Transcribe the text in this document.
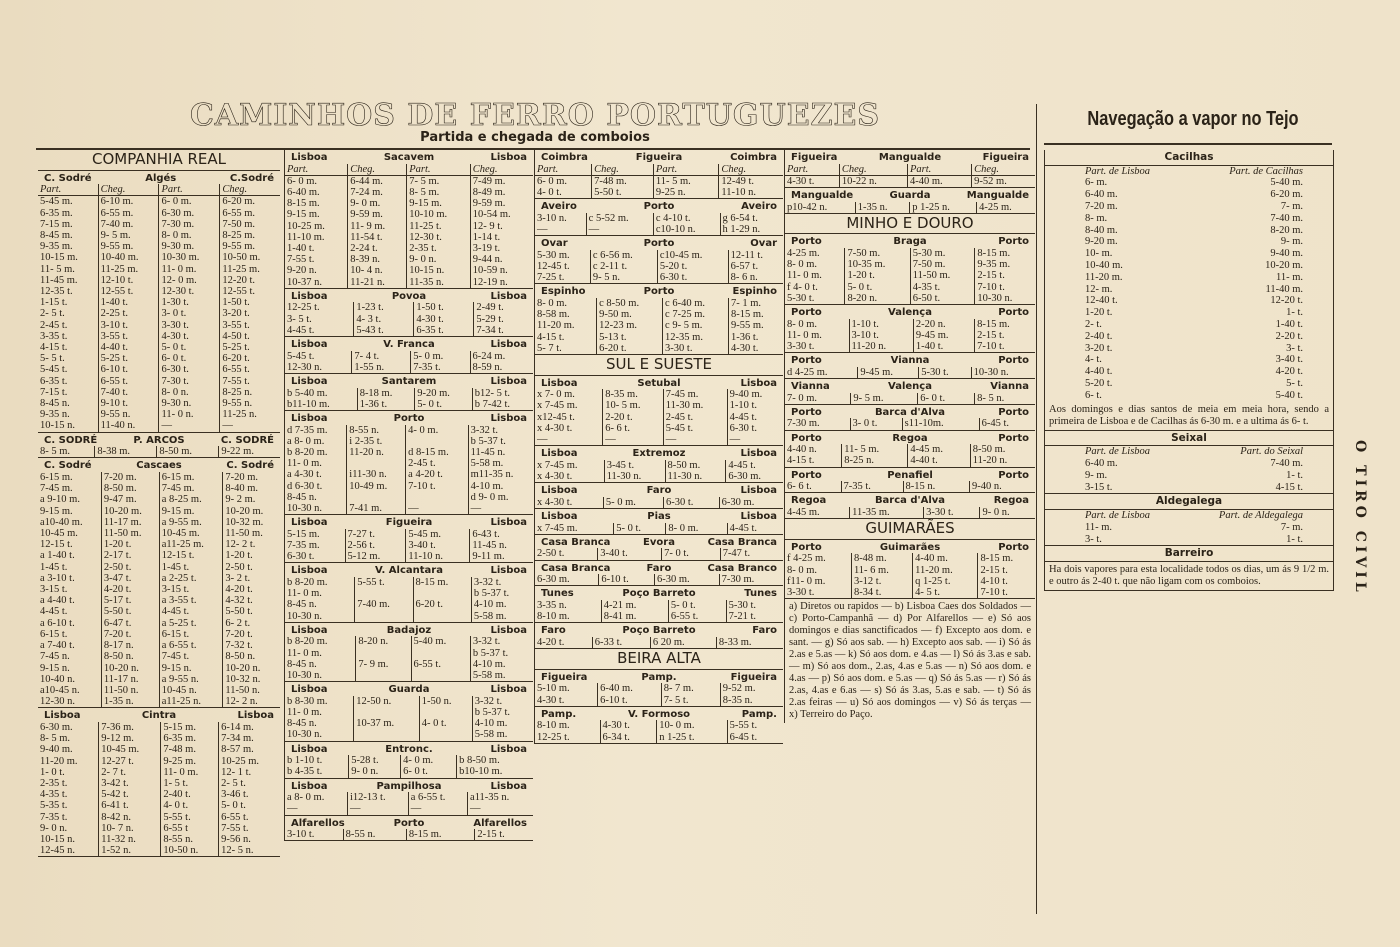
CAMINHOS DE FERRO PORTUGUEZES
Partida e chegada de comboios
COMPANHIA REAL
C. Sodré	Algés	C.Sodré
Part.	Cheg.	Part.	Cheg.
5-45 m.	6-10 m.	6- 0 m.	6-20 m.
6-35 m.	6-55 m.	6-30 m.	6-55 m.
7-15 m.	7-40 m.	7-30 m.	7-50 m.
8-45 m.	9- 5 m.	8- 0 m.	8-25 m.
9-35 m.	9-55 m.	9-30 m.	9-55 m.
10-15 m.	10-40 m.	10-30 m.	10-50 m.
11- 5 m.	11-25 m.	11- 0 m.	11-25 m.
11-45 m.	12-10 t.	12- 0 m.	12-20 t.
12-35 t.	12-55 t.	12-30 t.	12-55 t.
1-15 t.	1-40 t.	1-30 t.	1-50 t.
2- 5 t.	2-25 t.	3- 0 t.	3-20 t.
2-45 t.	3-10 t.	3-30 t.	3-55 t.
3-35 t.	3-55 t.	4-30 t.	4-50 t.
4-15 t.	4-40 t.	5- 0 t.	5-25 t.
5- 5 t.	5-25 t.	6- 0 t.	6-20 t.
5-45 t.	6-10 t.	6-30 t.	6-55 t.
6-35 t.	6-55 t.	7-30 t.	7-55 t.
7-15 t.	7-40 t.	8- 0 n.	8-25 n.
8-45 n.	9-10 t.	9-30 n.	9-55 n.
9-35 n.	9-55 n.	11- 0 n.	11-25 n.
10-15 n.	11-40 n.	—	—
C. SODRÉ	P. ARCOS	C. SODRÉ
8- 5 m.	8-38 m.	8-50 m.	9-22 m.
C. Sodré	Cascaes	C. Sodré
6-15 m.	7-20 m.	6-15 m.	7-20 m.
7-45 m.	8-50 m.	7-45 m.	8-40 m.
a 9-10 m.	9-47 m.	a 8-25 m.	9- 2 m.
9-15 m.	10-20 m.	9-15 m.	10-20 m.
a10-40 m.	11-17 m.	a 9-55 m.	10-32 m.
10-45 m.	11-50 m.	10-45 m.	11-50 m.
12-15 t.	1-20 t.	a11-25 m.	12- 2 t.
a 1-40 t.	2-17 t.	12-15 t.	1-20 t.
1-45 t.	2-50 t.	1-45 t.	2-50 t.
a 3-10 t.	3-47 t.	a 2-25 t.	3- 2 t.
3-15 t.	4-20 t.	3-15 t.	4-20 t.
a 4-40 t.	5-17 t.	a 3-55 t.	4-32 t.
4-45 t.	5-50 t.	4-45 t.	5-50 t.
a 6-10 t.	6-47 t.	a 5-25 t.	6- 2 t.
6-15 t.	7-20 t.	6-15 t.	7-20 t.
a 7-40 t.	8-17 n.	a 6-55 t.	7-32 t.
7-45 n.	8-50 n.	7-45 t.	8-50 n.
9-15 n.	10-20 n.	9-15 n.	10-20 n.
10-40 n.	11-17 n.	a 9-55 n.	10-32 n.
a10-45 n.	11-50 n.	10-45 n.	11-50 n.
12-30 n.	1-35 n.	a11-25 n.	12- 2 n.
Lisboa	Cintra	Lisboa
6-30 m.	7-36 m.	5-15 m.	6-14 m.
8- 5 m.	9-12 m.	6-35 m.	7-34 m.
9-40 m.	10-45 m.	7-48 m.	8-57 m.
11-20 m.	12-27 t.	9-25 m.	10-25 m.
1- 0 t.	2- 7 t.	11- 0 m.	12- 1 t.
2-35 t.	3-42 t.	1- 5 t.	2- 5 t.
4-35 t.	5-42 t.	2-40 t.	3-46 t.
5-35 t.	6-41 t.	4- 0 t.	5- 0 t.
7-35 t.	8-42 n.	5-55 t.	6-55 t.
9- 0 n.	10- 7 n.	6-55 t	7-55 t.
10-15 n.	11-32 n.	8-55 n.	9-56 n.
12-45 n.	1-52 n.	10-50 n.	12- 5 n.
Lisboa	Sacavem	Lisboa
Part.	Cheg.	Part.	Cheg.
6- 0 m.	6-44 m.	7- 5 m.	7-49 m.
6-40 m.	7-24 m.	8- 5 m.	8-49 m.
8-15 m.	9- 0 m.	9-15 m.	9-59 m.
9-15 m.	9-59 m.	10-10 m.	10-54 m.
10-25 m.	11- 9 m.	11-25 t.	12- 9 t.
11-10 m.	11-54 t.	12-30 t.	1-14 t.
1-40 t.	2-24 t.	2-35 t.	3-19 t.
7-55 t.	8-39 n.	9- 0 n.	9-44 n.
9-20 n.	10- 4 n.	10-15 n.	10-59 n.
10-37 n.	11-21 n.	11-35 n.	12-19 n.
Lisboa	Povoa	Lisboa
12-25 t.	1-23 t.	1-50 t.	2-49 t.
3- 5 t.	4- 3 t.	4-30 t.	5-29 t.
4-45 t.	5-43 t.	6-35 t.	7-34 t.
Lisboa	V. Franca	Lisboa
5-45 t.	7- 4 t.	5- 0 m.	6-24 m.
12-30 n.	1-55 n.	7-35 t.	8-59 n.
Lisboa	Santarem	Lisboa
b 5-40 m.	8-18 m.	9-20 m.	b12- 5 t.
b11-10 m.	1-36 t.	5- 0 t.	b 7-42 t.
Lisboa	Porto	Lisboa
d 7-35 m.	8-55 n.	4- 0 m.	3-32 t.
a 8- 0 m.	i 2-35 t.		b 5-37 t.
b 8-20 m.	11-20 n.	d 8-15 m.	11-45 n.
11- 0 m.		2-45 t.	5-58 m.
a 4-30 t.	i11-30 n.	a 4-20 t.	m11-35 n.
d 6-30 t.	10-49 m.	7-10 t.	4-10 m.
8-45 n.			d 9- 0 m.
10-30 n.	7-41 m.	—	—
Lisboa	Figueira	Lisboa
5-15 m.	7-27 t.	5-45 m.	6-43 t.
7-35 m.	2-56 t.	3-40 t.	11-45 n.
6-30 t.	5-12 m.	11-10 n.	9-11 m.
Lisboa	V. Alcantara	Lisboa
b 8-20 m.	5-55 t.	8-15 m.	3-32 t.
11- 0 m.			b 5-37 t.
8-45 n.	7-40 m.	6-20 t.	4-10 m.
10-30 n.			5-58 m.
Lisboa	Badajoz	Lisboa
b 8-20 m.	8-20 n.	5-40 m.	3-32 t.
11- 0 m.			b 5-37 t.
8-45 n.	7- 9 m.	6-55 t.	4-10 m.
10-30 n.			5-58 m.
Lisboa	Guarda	Lisboa
b 8-30 m.	12-50 n.	1-50 n.	3-32 t.
11- 0 m.			b 5-37 t.
8-45 n.	10-37 m.	4- 0 t.	4-10 m.
10-30 n.			5-58 m.
Lisboa	Entronc.	Lisboa
b 1-10 t.	5-28 t.	4- 0 m.	b 8-50 m.
b 4-35 t.	9- 0 n.	6- 0 t.	b10-10 m.
Lisboa	Pampilhosa	Lisboa
a 8- 0 m.	i12-13 t.	a 6-55 t.	a11-35 n.
—	—	—	—
Alfarellos	Porto	Alfarellos
3-10 t.	8-55 n.	8-15 m.	2-15 t.
Coimbra	Figueira	Coimbra
Part.	Cheg.	Part.	Cheg.
6- 0 m.	7-48 m.	11- 5 m.	12-49 t.
4- 0 t.	5-50 t.	9-25 n.	11-10 n.
Aveiro	Porto	Aveiro
3-10 n.	c 5-52 m.	c 4-10 t.	g 6-54 t.
—	—	c10-10 n.	h 1-29 n.
Ovar	Porto	Ovar
5-30 m.	c 6-56 m.	c10-45 m.	12-11 t.
12-45 t.	c 2-11 t.	5-20 t.	6-57 t.
7-25 t.	9- 5 n.	6-30 t.	8- 6 n.
Espinho	Porto	Espinho
8- 0 m.	c 8-50 m.	c 6-40 m.	7- 1 m.
8-58 m.	9-50 m.	c 7-25 m.	8-15 m.
11-20 m.	12-23 m.	c 9- 5 m.	9-55 m.
4-15 t.	5-13 t.	12-35 m.	1-36 t.
5- 7 t.	6-20 t.	3-30 t.	4-30 t.
SUL E SUESTE
Lisboa	Setubal	Lisboa
x 7- 0 m.	8-35 m.	7-45 m.	9-40 m.
x 7-45 m.	10- 5 m.	11-30 m.	1-10 t.
x12-45 t.	2-20 t.	2-45 t.	4-45 t.
x 4-30 t.	6- 6 t.	5-45 t.	6-30 t.
—	—	—	—
Lisboa	Extremoz	Lisboa
x 7-45 m.	3-45 t.	8-50 m.	4-45 t.
x 4-30 t.	11-30 n.	11-30 n.	6-30 m.
Lisboa	Faro	Lisboa
x 4-30 t.	5- 0 m.	6-30 t.	6-30 m.
Lisboa	Pias	Lisboa
x 7-45 m.	5- 0 t.	8- 0 m.	4-45 t.
Casa Branca	Evora	Casa Branca
2-50 t.	3-40 t.	7- 0 t.	7-47 t.
Casa Branca	Faro	Casa Branco
6-30 m.	6-10 t.	6-30 m.	7-30 m.
Tunes	Poço Barreto	Tunes
3-35 n.	4-21 m.	5- 0 t.	5-30 t.
8-10 m.	8-41 m.	6-55 t.	7-21 t.
Faro	Poço Barreto	Faro
4-20 t.	6-33 t.	6 20 m.	8-33 m.
BEIRA ALTA
Figueira	Pamp.	Figueira
5-10 m.	6-40 m.	8- 7 m.	9-52 m.
4-30 t.	6-10 t.	7- 5 t.	8-35 n.
Pamp.	V. Formoso	Pamp.
8-10 m.	4-30 t.	10- 0 m.	5-55 t.
12-25 t.	6-34 t.	n 1-25 t.	6-45 t.
Figueira	Mangualde	Figueira
Part.	Cheg.	Part.	Cheg.
4-30 t.	10-22 n.	4-40 m.	9-52 m.
Mangualde	Guarda	Mangualde
p10-42 n.	1-35 n.	p 1-25 n.	4-25 m.
MINHO E DOURO
Porto	Braga	Porto
4-25 m.	7-50 m.	5-30 m.	8-15 m.
8- 0 m.	10-35 m.	7-50 m.	9-35 m.
11- 0 m.	1-20 t.	11-50 m.	2-15 t.
f 4- 0 t.	5- 0 t.	4-35 t.	7-10 t.
5-30 t.	8-20 n.	6-50 t.	10-30 n.
Porto	Valença	Porto
8- 0 m.	1-10 t.	2-20 n.	8-15 m.
11- 0 m.	3-10 t.	9-45 m.	2-15 t.
3-30 t.	11-20 n.	1-40 t.	7-10 t.
Porto	Vianna	Porto
d 4-25 m.	9-45 m.	5-30 t.	10-30 n.
Vianna	Valença	Vianna
7- 0 m.	9- 5 m.	6- 0 t.	8- 5 n.
Porto	Barca d'Alva	Porto
7-30 m.	3- 0 t.	s11-10m.	6-45 t.
Porto	Regoa	Porto
4-40 n.	11- 5 m.	4-45 m.	8-50 m.
4-15 t.	8-25 n.	4-40 t.	11-20 n.
Porto	Penafiel	Porto
6- 6 t.	7-35 t.	8-15 n.	9-40 n.
Regoa	Barca d'Alva	Regoa
4-45 m.	11-35 m.	3-30 t.	9- 0 n.
GUIMARÃES
Porto	Guimarães	Porto
f 4-25 m.	8-48 m.	4-40 m.	8-15 m.
8- 0 m.	11- 6 m.	11-20 m.	2-15 t.
f11- 0 m.	3-12 t.	q 1-25 t.	4-10 t.
3-30 t.	8-34 t.	4- 5 t.	7-10 t.
a) Diretos ou rapidos — b) Lisboa Caes dos Soldados — c) Porto-Campanhã — d) Por Alfarellos — e) Só aos domingos e dias sanctificados — f) Excepto aos dom. e sant. — g) Só aos sab. — h) Excepto aos sab. — i) Só ás 2.as e 5.as — k) Só aos dom. e 4.as — l) Só ás 3.as e sab. — m) Só aos dom., 2.as, 4.as e 5.as — n) Só aos dom. e 4.as — p) Só aos dom. e 5.as — q) Só ás 5.as — r) Só ás 2.as, 4.as e 6.as — s) Só ás 3.as, 5.as e sab. — t) Só ás 2.as feiras — u) Só aos domingos — v) Só ás terças — x) Terreiro do Paço.
Navegação a vapor no Tejo
Cacilhas
Part. de Lisboa	Part. de Cacilhas
6- m.	5-40 m.
6-40 m.	6-20 m.
7-20 m.	7- m.
8- m.	7-40 m.
8-40 m.	8-20 m.
9-20 m.	9- m.
10- m.	9-40 m.
10-40 m.	10-20 m.
11-20 m.	11- m.
12- m.	11-40 m.
12-40 t.	12-20 t.
1-20 t.	1- t.
2- t.	1-40 t.
2-40 t.	2-20 t.
3-20 t.	3- t.
4- t.	3-40 t.
4-40 t.	4-20 t.
5-20 t.	5- t.
6- t.	5-40 t.
Aos domingos e dias santos de meia em meia hora, sendo a primeira de Lisboa e de Cacilhas ás 6-30 m. e a ultima ás 6- t.
Seixal
Part. de Lisboa	Part. do Seixal
6-40 m.	7-40 m.
9- m.	1- t.
3-15 t.	4-15 t.
Aldegalega
Part. de Lisboa	Part. de Aldegalega
11- m.	7- m.
3- t.	1- t.
Barreiro
Ha dois vapores para esta localidade todos os dias, um ás 9 1/2 m. e outro ás 2-40 t. que não ligam com os comboios.	O TIRO CIVIL
